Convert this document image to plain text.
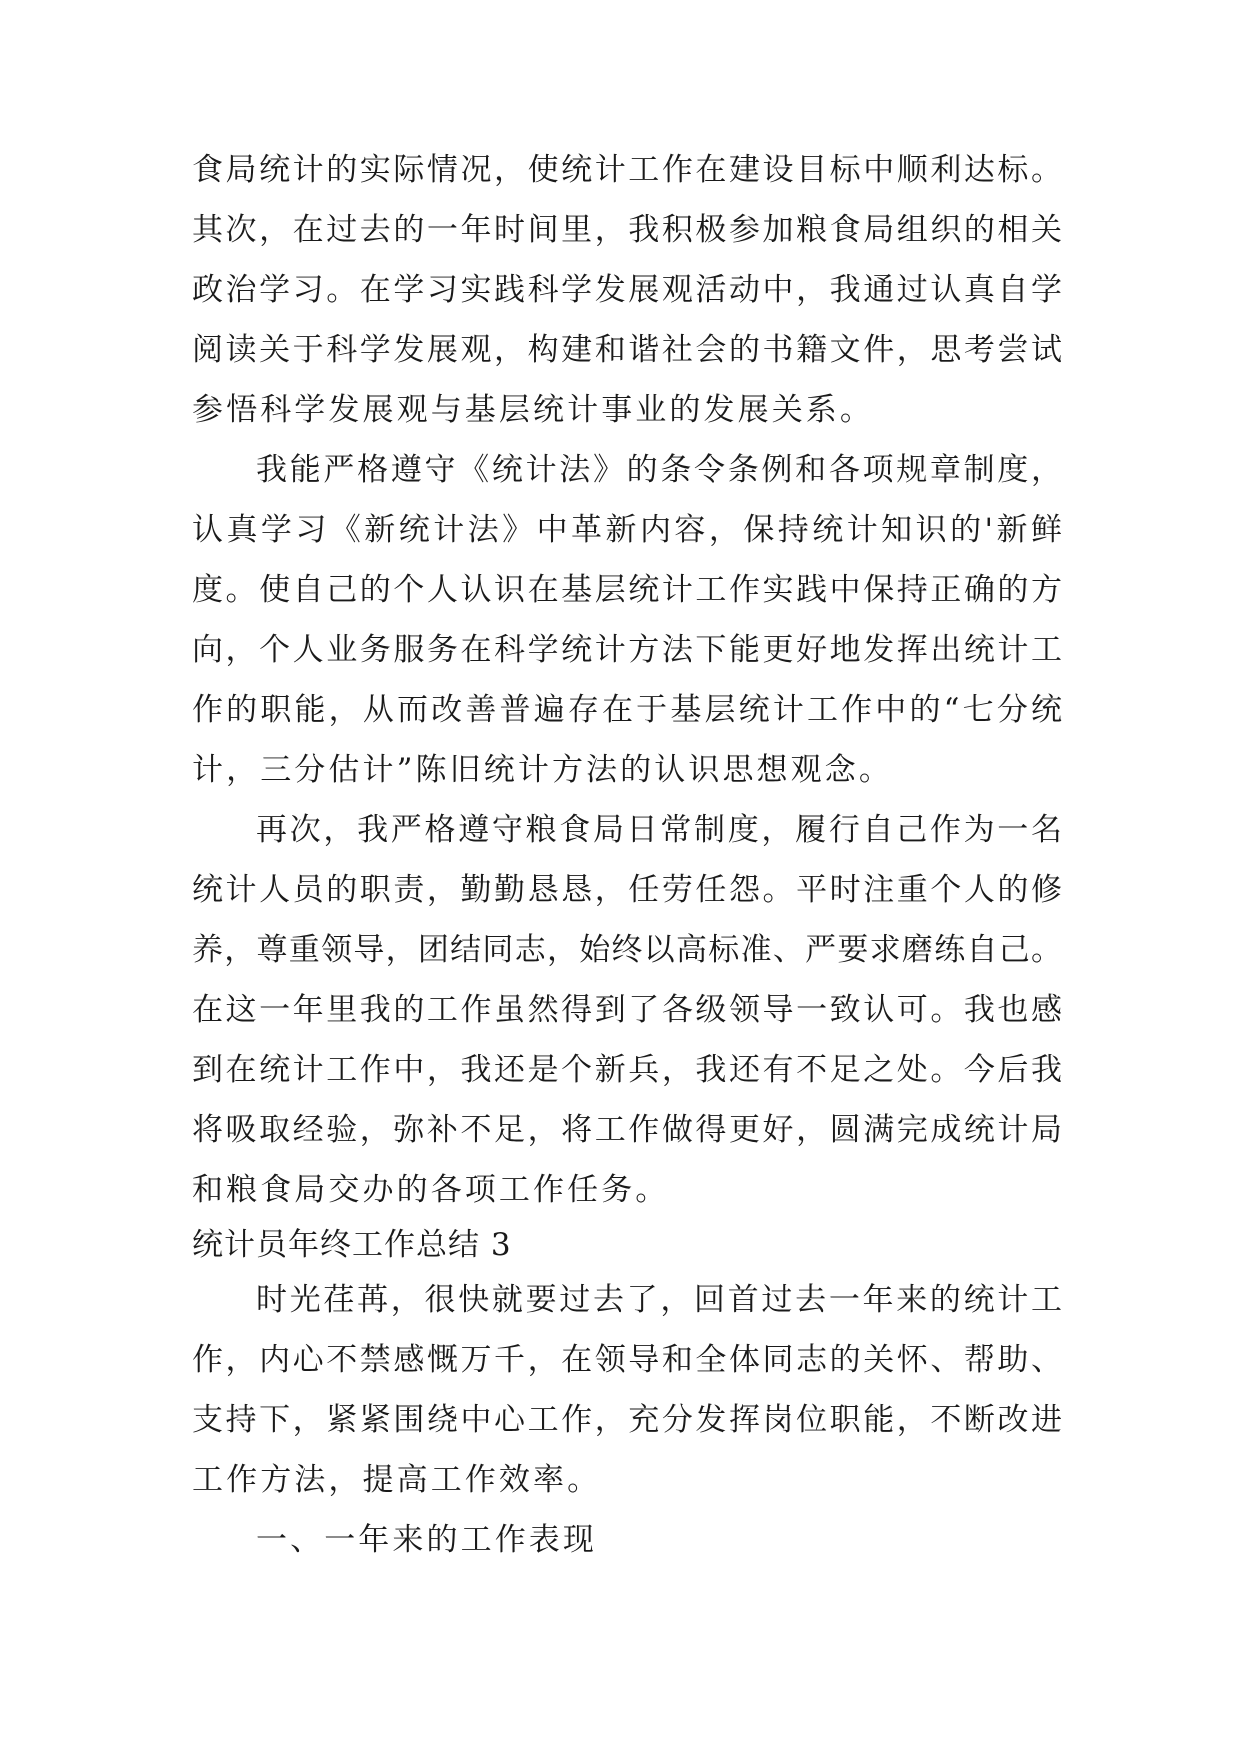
食局统计的实际情况，使统计工作在建设目标中顺利达标。
其次，在过去的一年时间里，我积极参加粮食局组织的相关
政治学习。在学习实践科学发展观活动中，我通过认真自学
阅读关于科学发展观，构建和谐社会的书籍文件，思考尝试
参悟科学发展观与基层统计事业的发展关系。
我能严格遵守《统计法》的条令条例和各项规章制度，
认真学习《新统计法》中革新内容，保持统计知识的'新鲜
度。使自己的个人认识在基层统计工作实践中保持正确的方
向，个人业务服务在科学统计方法下能更好地发挥出统计工
作的职能，从而改善普遍存在于基层统计工作中的“七分统
计，三分估计”陈旧统计方法的认识思想观念。
再次，我严格遵守粮食局日常制度，履行自己作为一名
统计人员的职责，勤勤恳恳，任劳任怨。平时注重个人的修
养，尊重领导，团结同志，始终以高标准、严要求磨练自己。
在这一年里我的工作虽然得到了各级领导一致认可。我也感
到在统计工作中，我还是个新兵，我还有不足之处。今后我
将吸取经验，弥补不足，将工作做得更好，圆满完成统计局
和粮食局交办的各项工作任务。
统计员年终工作总结 3
时光荏苒，很快就要过去了，回首过去一年来的统计工
作，内心不禁感慨万千，在领导和全体同志的关怀、帮助、
支持下，紧紧围绕中心工作，充分发挥岗位职能，不断改进
工作方法，提高工作效率。
一、一年来的工作表现
